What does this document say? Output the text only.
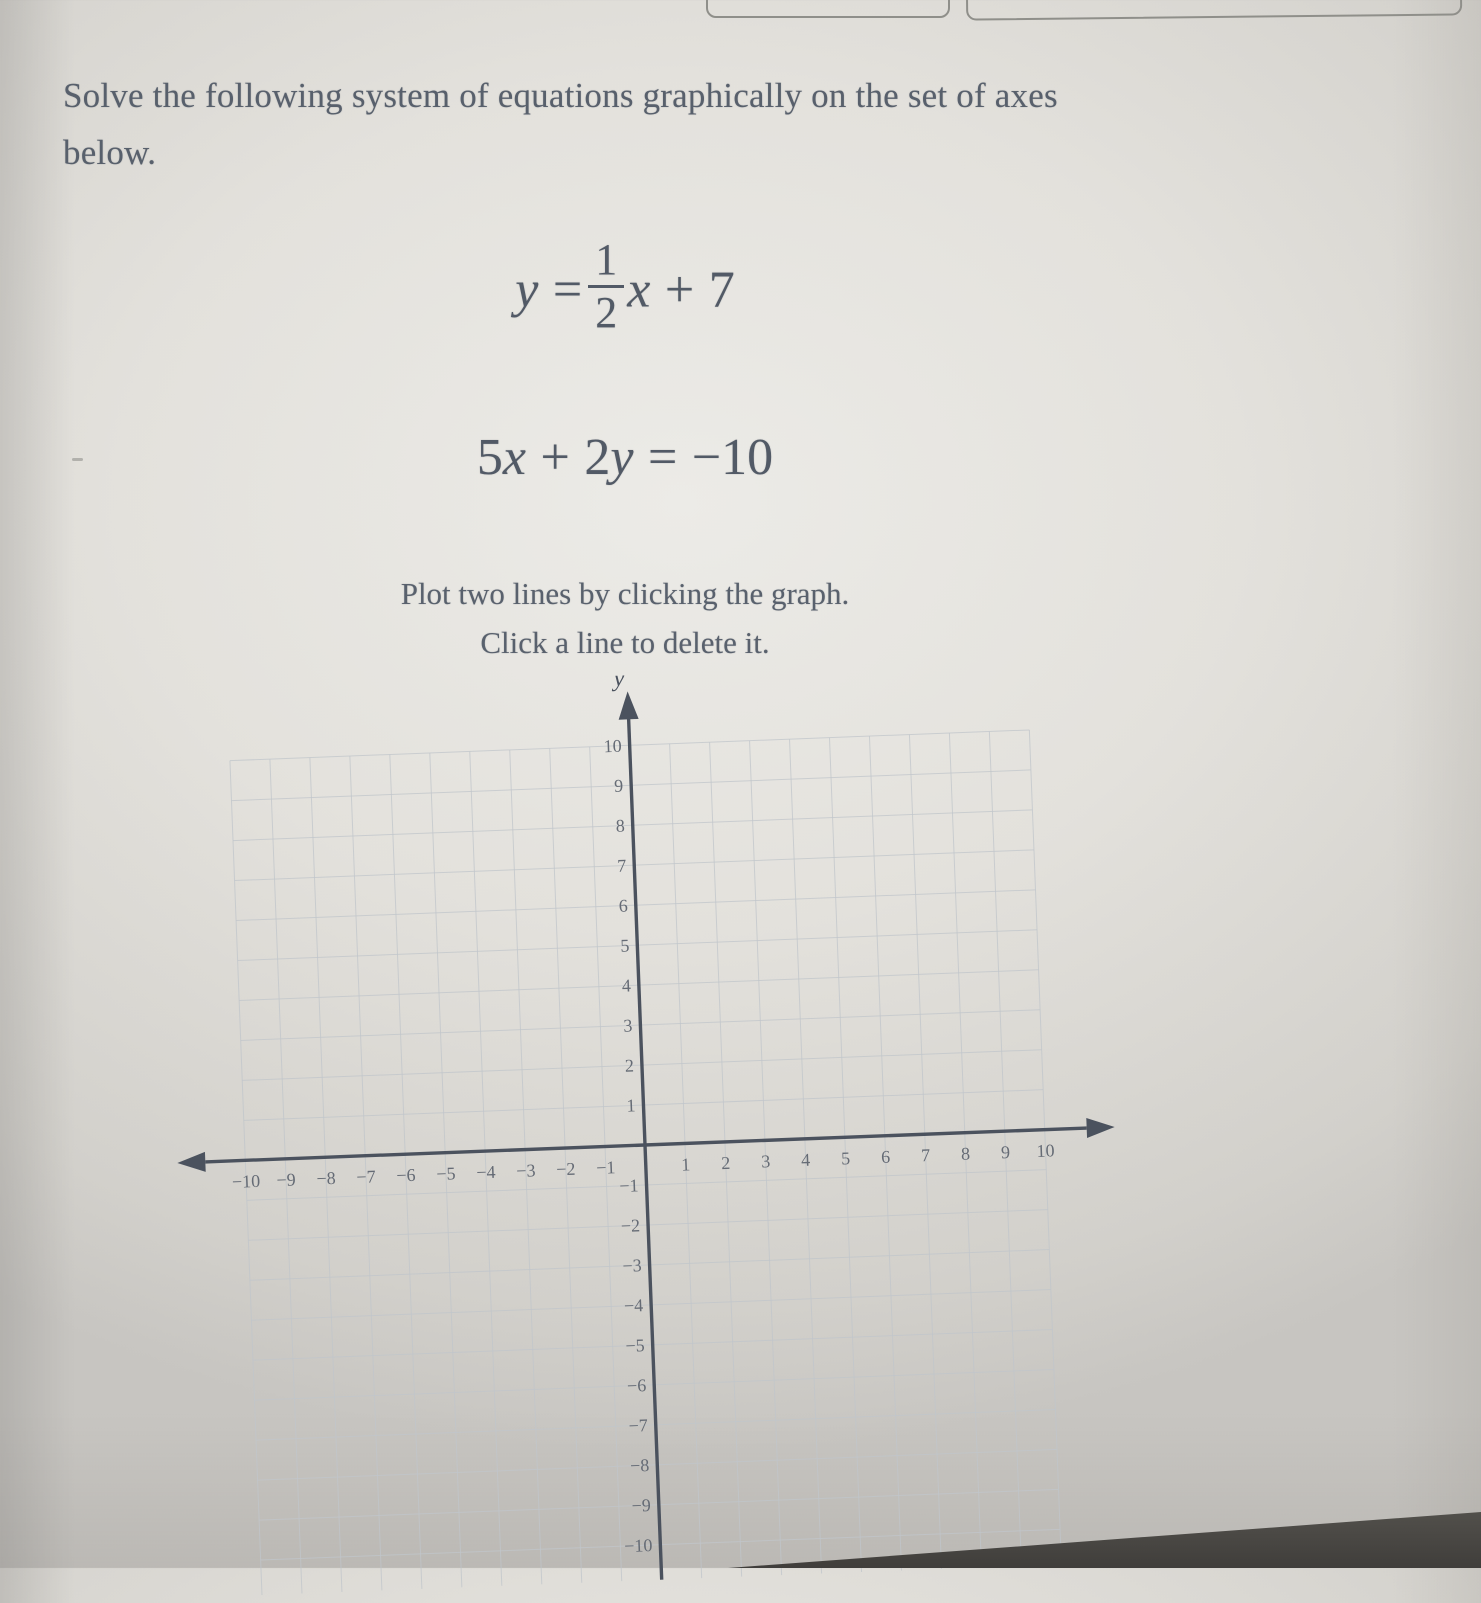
Solve the following system of equations graphically on the set of axes
below.
$y = \frac{1}{2}$ x + 7
5x + 2y = −10
Plot two lines by clicking the graph.
Click a line to delete it.
−10 −9 −8 −7 −6 −5 −4 −3 −2 −1	1 2 3 4 5 6 7 8 9 10
−10
−9
−8
−7
−6
−5
−4
−3
−2
−1
1
2
3
4
5
6
7
8
9
10
x
y
